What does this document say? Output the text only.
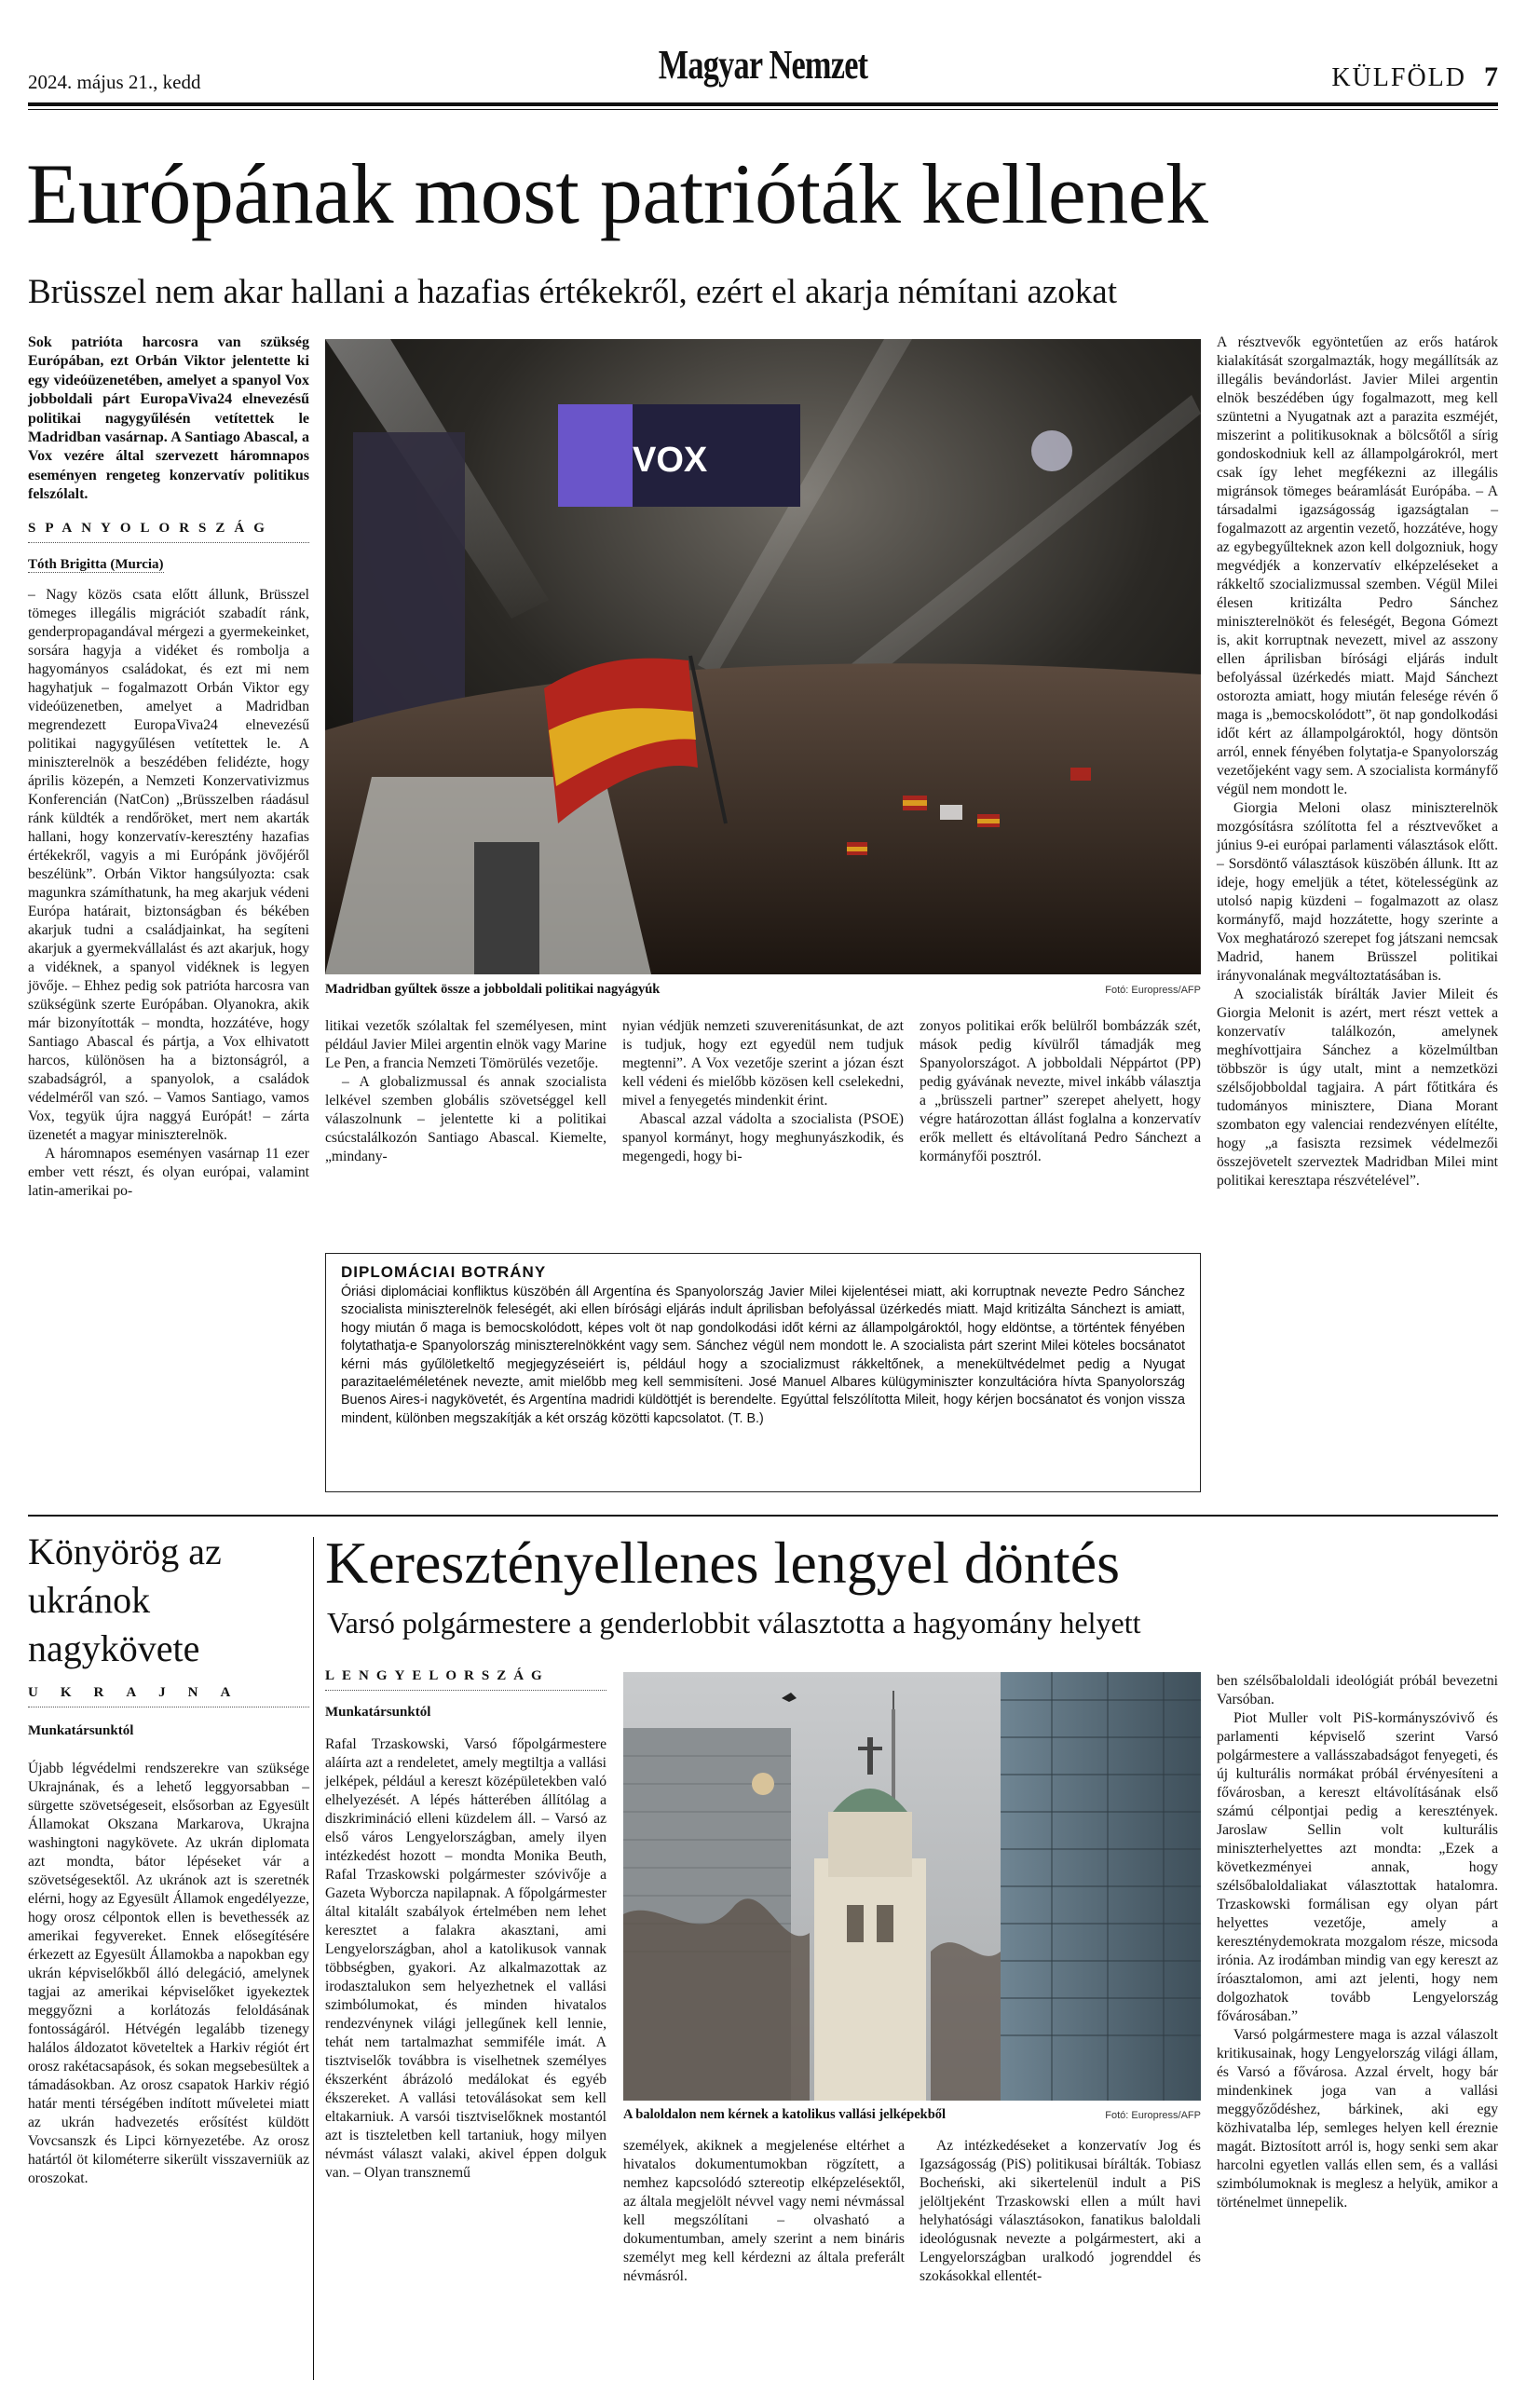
2024. május 21., kedd	Magyar Nemzet	KÜLFÖLD 7
Európának most patrióták kellenek
Brüsszel nem akar hallani a hazafias értékekről, ezért el akarja némítani azokat
Sok patrióta harcosra van szükség Európában, ezt Orbán Viktor jelentette ki egy videóüzenetében, amelyet a spanyol Vox jobboldali párt EuropaViva24 elnevezésű politikai nagygyűlésén vetítettek le Madridban vasárnap. A Santiago Abascal, a Vox vezére által szervezett háromnapos eseményen rengeteg konzervatív politikus felszólalt.
SPANYOLORSZÁG
Tóth Brigitta (Murcia)

– Nagy közös csata előtt állunk, Brüsszel tömeges illegális migrációt szabadít ránk, genderpropagandával mérgezi a gyermekeinket, sorsára hagyja a vidéket és rombolja a hagyományos családokat, és ezt mi nem hagyhatjuk – fogalmazott Orbán Viktor egy videóüzenetben, amelyet a Madridban megrendezett EuropaViva24 elnevezésű politikai nagygyűlésen vetítettek le. A miniszterelnök a beszédében felidézte, hogy április közepén, a Nemzeti Konzervativizmus Konferencián (NatCon) „Brüsszelben ráadásul ránk küldték a rendőröket, mert nem akarták hallani, hogy konzervatív-keresztény hazafias értékekről, vagyis a mi Európánk jövőjéről beszélünk”. Orbán Viktor hangsúlyozta: csak magunkra számíthatunk, ha meg akarjuk védeni Európa határait, biztonságban és békében akarjuk tudni a családjainkat, ha segíteni akarjuk a gyermekvállalást és azt akarjuk, hogy a vidéknek, a spanyol vidéknek is legyen jövője. – Ehhez pedig sok patrióta harcosra van szükségünk szerte Európában. Olyanokra, akik már bizonyították – mondta, hozzátéve, hogy Santiago Abascal és pártja, a Vox elhivatott harcos, különösen ha a biztonságról, a szabadságról, a spanyolok, a családok védelméről van szó. – Vamos Santiago, vamos Vox, tegyük újra naggyá Európát! – zárta üzenetét a magyar miniszterelnök.

A háromnapos eseményen vasárnap 11 ezer ember vett részt, és olyan európai, valamint latin-amerikai po-

VOX
Madridban gyűltek össze a jobboldali politikai nagyágyúk	Fotó: Europress/AFP

litikai vezetők szólaltak fel személyesen, mint például Javier Milei argentin elnök vagy Marine Le Pen, a francia Nemzeti Tömörülés vezetője.

– A globalizmussal és annak szocialista lelkével szemben globális szövetséggel kell válaszolnunk – jelentette ki a politikai csúcstalálkozón Santiago Abascal. Kiemelte, „mindany-

nyian védjük nemzeti szuverenitásunkat, de azt is tudjuk, hogy ezt egyedül nem tudjuk megtenni”. A Vox vezetője szerint a józan észt kell védeni és mielőbb közösen kell cselekedni, mivel a fenyegetés mindenkit érint.

Abascal azzal vádolta a szocialista (PSOE) spanyol kormányt, hogy meghunyászkodik, és megengedi, hogy bi-

zonyos politikai erők belülről bombázzák szét, mások pedig kívülről támadják meg Spanyolországot. A jobboldali Néppártot (PP) pedig gyávának nevezte, mivel inkább választja a „brüsszeli partner” szerepet ahelyett, hogy végre határozottan állást foglalna a konzervatív erők mellett és eltávolítaná Pedro Sánchezt a kormányfői posztról.

DIPLOMÁCIAI BOTRÁNY
Óriási diplomáciai konfliktus küszöbén áll Argentína és Spanyolország Javier Milei kijelentései miatt, aki korruptnak nevezte Pedro Sánchez szocialista miniszterelnök feleségét, aki ellen bírósági eljárás indult áprilisban befolyással üzérkedés miatt. Majd kritizálta Sánchezt is amiatt, hogy miután ő maga is bemocskolódott, képes volt öt nap gondolkodási időt kérni az állampolgároktól, hogy eldöntse, a történtek fényében folytathatja-e Spanyolország miniszterelnökként vagy sem. Sánchez végül nem mondott le. A szocialista párt szerint Milei köteles bocsánatot kérni más gyűlöletkeltő megjegyzéseiért is, például hogy a szocializmust rákkeltőnek, a menekültvédelmet pedig a Nyugat parazitaeléméletének nevezte, amit mielőbb meg kell semmisíteni. José Manuel Albares külügyminiszter konzultációra hívta Spanyolország Buenos Aires-i nagykövetét, és Argentína madridi küldöttjét is berendelte. Egyúttal felszólította Mileit, hogy kérjen bocsánatot és vonjon vissza mindent, különben megszakítják a két ország közötti kapcsolatot. (T. B.)

A résztvevők egyöntetűen az erős határok kialakítását szorgalmazták, hogy megállítsák az illegális bevándorlást. Javier Milei argentin elnök beszédében úgy fogalmazott, meg kell szüntetni a Nyugatnak azt a parazita eszméjét, miszerint a politikusoknak a bölcsőtől a sírig gondoskodniuk kell az állampolgárokról, mert csak így lehet megfékezni az illegális migránsok tömeges beáramlását Európába. – A társadalmi igazságosság igazságtalan – fogalmazott az argentin vezető, hozzátéve, hogy az egybegyűlteknek azon kell dolgozniuk, hogy megvédjék a konzervatív elképzeléseket a rákkeltő szocializmussal szemben. Végül Milei élesen kritizálta Pedro Sánchez miniszterelnököt és feleségét, Begona Gómezt is, akit korruptnak nevezett, mivel az asszony ellen áprilisban bírósági eljárás indult befolyással üzérkedés miatt. Majd Sánchezt ostorozta amiatt, hogy miután felesége révén ő maga is „bemocskolódott”, öt nap gondolkodási időt kért az állampolgároktól, hogy döntsön arról, ennek fényében folytatja-e Spanyolország vezetőjeként vagy sem. A szocialista kormányfő végül nem mondott le.

Giorgia Meloni olasz miniszterelnök mozgósításra szólította fel a résztvevőket a június 9-ei európai parlamenti választások előtt. – Sorsdöntő választások küszöbén állunk. Itt az ideje, hogy emeljük a tétet, kötelességünk az utolsó napig küzdeni – fogalmazott az olasz kormányfő, majd hozzátette, hogy szerinte a Vox meghatározó szerepet fog játszani nemcsak Madrid, hanem Brüsszel politikai irányvonalának megváltoztatásában is.

A szocialisták bírálták Javier Mileit és Giorgia Melonit is azért, mert részt vettek a konzervatív találkozón, amelynek meghívottjaira Sánchez a közelmúltban többször is úgy utalt, mint a nemzetközi szélsőjobboldal tagjaira. A párt főtitkára és tudományos minisztere, Diana Morant szombaton egy valenciai rendezvényen elítélte, hogy „a fasiszta rezsimek védelmezői összejövetelt szerveztek Madridban Milei mint politikai keresztapa részvételével”.

Könyörög az ukránok nagykövete
UKRAJNA
Munkatársunktól

Újabb légvédelmi rendszerekre van szüksége Ukrajnának, és a lehető leggyorsabban – sürgette szövetségeseit, elsősorban az Egyesült Államokat Okszana Markarova, Ukrajna washingtoni nagykövete. Az ukrán diplomata azt mondta, bátor lépéseket vár a szövetségesektől. Az ukránok azt is szeretnék elérni, hogy az Egyesült Államok engedélyezze, hogy orosz célpontok ellen is bevethessék az amerikai fegyvereket. Ennek elősegítésére érkezett az Egyesült Államokba a napokban egy ukrán képviselőkből álló delegáció, amelynek tagjai az amerikai képviselőket igyekeztek meggyőzni a korlátozás feloldásának fontosságáról. Hétvégén legalább tizenegy halálos áldozatot követeltek a Harkiv régiót ért orosz rakétacsapások, és sokan megsebesültek a támadásokban. Az orosz csapatok Harkiv régió határ menti térségében indított műveletei miatt az ukrán hadvezetés erősítést küldött Vovcsanszk és Lipci környezetébe. Az orosz határtól öt kilométerre sikerült visszaverniük az oroszokat.

Keresztényellenes lengyel döntés
Varsó polgármestere a genderlobbit választotta a hagyomány helyett
LENGYELORSZÁG
Munkatársunktól

Rafal Trzaskowski, Varsó főpolgármestere aláírta azt a rendeletet, amely megtiltja a vallási jelképek, például a kereszt középületekben való elhelyezését. A lépés hátterében állítólag a diszkrimináció elleni küzdelem áll. – Varsó az első város Lengyelországban, amely ilyen intézkedést hozott – mondta Monika Beuth, Rafal Trzaskowski polgármester szóvivője a Gazeta Wyborcza napilapnak. A főpolgármester által kitalált szabályok értelmében nem lehet keresztet a falakra akasztani, ami Lengyelországban, ahol a katolikusok vannak többségben, gyakori. Az alkalmazottak az irodasztalukon sem helyezhetnek el vallási szimbólumokat, és minden hivatalos rendezvénynek világi jellegűnek kell lennie, tehát nem tartalmazhat semmiféle imát. A tisztviselők továbbra is viselhetnek személyes ékszerként ábrázoló medálokat és egyéb ékszereket. A vallási tetoválásokat sem kell eltakarniuk. A varsói tisztviselőknek mostantól azt is tiszteletben kell tartaniuk, hogy milyen névmást választ valaki, akivel éppen dolguk van. – Olyan transznemű

A baloldalon nem kérnek a katolikus vallási jelképekből	Fotó: Europress/AFP

személyek, akiknek a megjelenése eltérhet a hivatalos dokumentumokban rögzített, a nemhez kapcsolódó sztereotip elképzelésektől, az általa megjelölt névvel vagy nemi névmással kell megszólítani – olvasható a dokumentumban, amely szerint a nem bináris személyt meg kell kérdezni az általa preferált névmásról.

Az intézkedéseket a konzervatív Jog és Igazságosság (PiS) politikusai bírálták. Tobiasz Bocheński, aki sikertelenül indult a PiS jelöltjeként Trzaskowski ellen a múlt havi helyhatósági választásokon, fanatikus baloldali ideológusnak nevezte a polgármestert, aki a Lengyelországban uralkodó jogrenddel és szokásokkal ellentét-

ben szélsőbaloldali ideológiát próbál bevezetni Varsóban.

Piot Muller volt PiS-kormányszóvivő és parlamenti képviselő szerint Varsó polgármestere a vallásszabadságot fenyegeti, és új kulturális normákat próbál érvényesíteni a fővárosban, a kereszt eltávolításának első számú célpontjai pedig a keresztények. Jaroslaw Sellin volt kulturális miniszterhelyettes azt mondta: „Ezek a következményei annak, hogy szélsőbaloldaliakat választottak hatalomra. Trzaskowski formálisan egy olyan párt helyettes vezetője, amely a kereszténydemokrata mozgalom része, micsoda irónia. Az irodámban mindig van egy kereszt az íróasztalomon, ami azt jelenti, hogy nem dolgozhatok tovább Lengyelország fővárosában.”

Varsó polgármestere maga is azzal válaszolt kritikusainak, hogy Lengyelország világi állam, és Varsó a fővárosa. Azzal érvelt, hogy bár mindenkinek joga van a vallási meggyőződéshez, bárkinek, aki egy közhivatalba lép, semleges helyen kell éreznie magát. Biztosított arról is, hogy senki sem akar harcolni egyetlen vallás ellen sem, és a vallási szimbólumoknak is meglesz a helyük, amikor a történelmet ünnepelik.
